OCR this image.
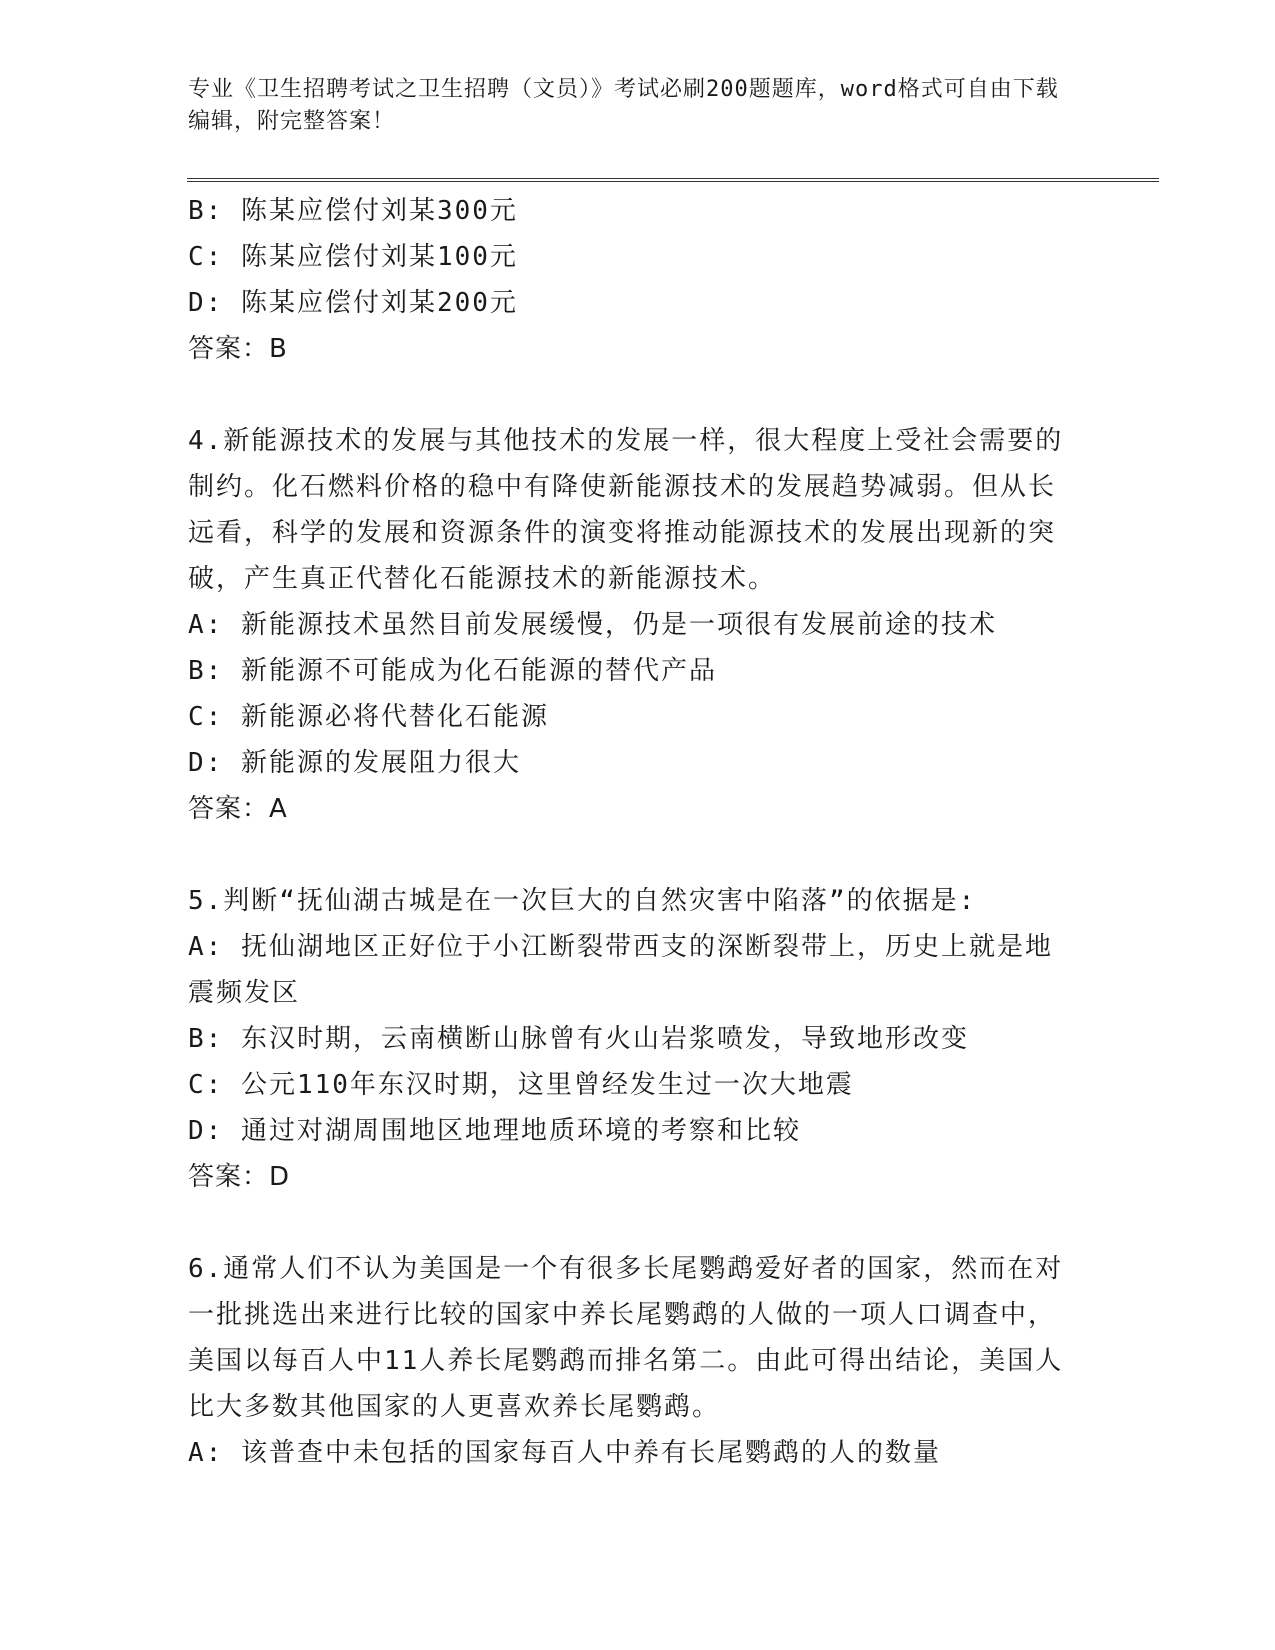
专业《卫生招聘考试之卫生招聘（文员）》考试必刷200题题库，word格式可自由下载编辑，附完整答案！
B: 陈某应偿付刘某300元
C: 陈某应偿付刘某100元
D: 陈某应偿付刘某200元
答案：B
4.新能源技术的发展与其他技术的发展一样，很大程度上受社会需要的制约。化石燃料价格的稳中有降使新能源技术的发展趋势减弱。但从长远看，科学的发展和资源条件的演变将推动能源技术的发展出现新的突破，产生真正代替化石能源技术的新能源技术。
A: 新能源技术虽然目前发展缓慢，仍是一项很有发展前途的技术
B: 新能源不可能成为化石能源的替代产品
C: 新能源必将代替化石能源
D: 新能源的发展阻力很大
答案：A
5.判断“抚仙湖古城是在一次巨大的自然灾害中陷落”的依据是:
A: 抚仙湖地区正好位于小江断裂带西支的深断裂带上，历史上就是地震频发区
B: 东汉时期，云南横断山脉曾有火山岩浆喷发，导致地形改变
C: 公元110年东汉时期，这里曾经发生过一次大地震
D: 通过对湖周围地区地理地质环境的考察和比较
答案：D
6.通常人们不认为美国是一个有很多长尾鹦鹉爱好者的国家，然而在对一批挑选出来进行比较的国家中养长尾鹦鹉的人做的一项人口调查中，美国以每百人中11人养长尾鹦鹉而排名第二。由此可得出结论，美国人比大多数其他国家的人更喜欢养长尾鹦鹉。
A: 该普查中未包括的国家每百人中养有长尾鹦鹉的人的数量
